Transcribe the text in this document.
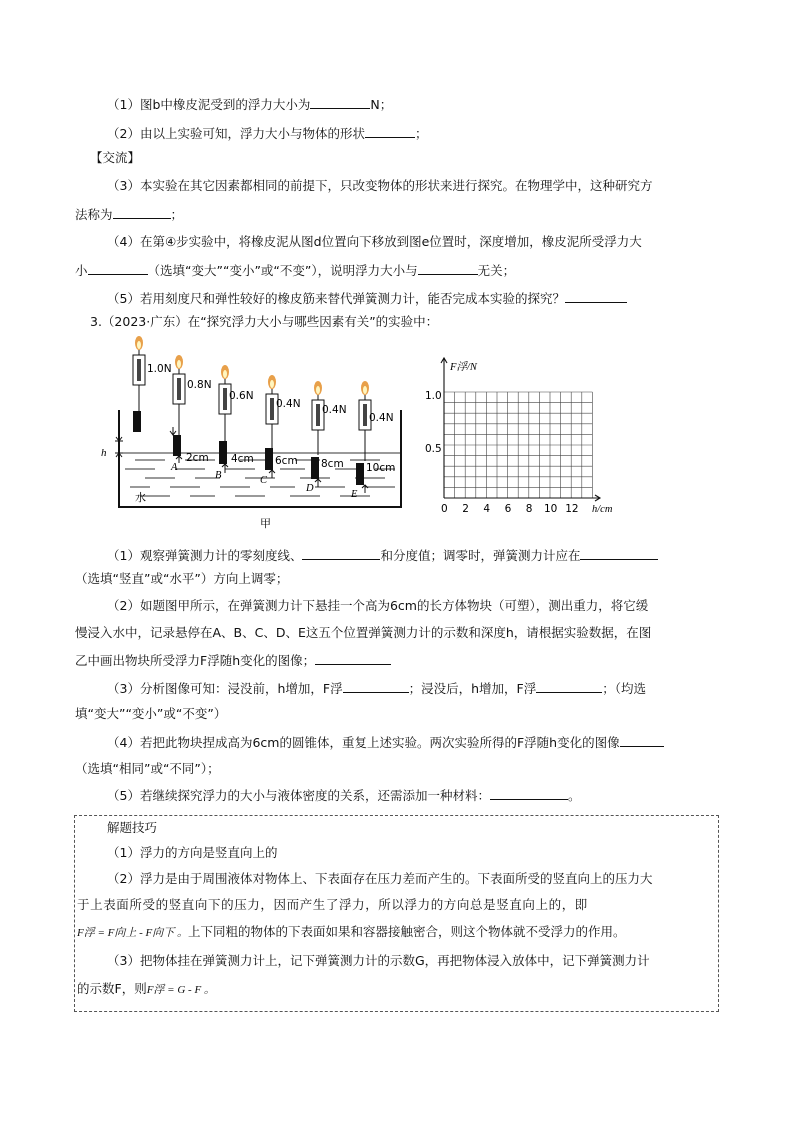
（1）图b中橡皮泥受到的浮力大小为	N；
（2）由以上实验可知，浮力大小与物体的形状	；
【交流】
（3）本实验在其它因素都相同的前提下，只改变物体的形状来进行探究。在物理学中，这种研究方
法称为	；
（4）在第④步实验中，将橡皮泥从图d位置向下移放到图e位置时，深度增加，橡皮泥所受浮力大
小	（选填“变大”“变小”或“不变”），说明浮力大小与	无关；
（5）若用刻度尺和弹性较好的橡皮筋来替代弹簧测力计，能否完成本实验的探究？
3.（2023·广东）在“探究浮力大小与哪些因素有关”的实验中：
h
水
1.0N
0.8N
A
2cm
0.6N
B
4cm
0.4N
C
6cm
0.4N
D
8cm
0.4N
E
10cm
甲
F浮/N
1.0
0.5
0 2 4 6 8 10 12 h/cm
（1）观察弹簧测力计的零刻度线、	和分度值；调零时，弹簧测力计应在
（选填“竖直”或“水平”）方向上调零；
（2）如题图甲所示，在弹簧测力计下悬挂一个高为6cm的长方体物块（可塑），测出重力，将它缓
慢浸入水中，记录悬停在A、B、C、D、E这五个位置弹簧测力计的示数和深度h，请根据实验数据，在图
乙中画出物块所受浮力F浮随h变化的图像；
（3）分析图像可知：浸没前，h增加，F浮	；浸没后，h增加，F浮	；（均选
填“变大”“变小”或“不变”）
（4）若把此物块捏成高为6cm的圆锥体，重复上述实验。两次实验所得的F浮随h变化的图像
（选填“相同”或“不同”）；
（5）若继续探究浮力的大小与液体密度的关系，还需添加一种材料：	。
解题技巧
（1）浮力的方向是竖直向上的
（2）浮力是由于周围液体对物体上、下表面存在压力差而产生的。下表面所受的竖直向上的压力大
于上表面所受的竖直向下的压力，因而产生了浮力，所以浮力的方向总是竖直向上的，即
F浮 = F向上 - F向下 。上下同粗的物体的下表面如果和容器接触密合，则这个物体就不受浮力的作用。
（3）把物体挂在弹簧测力计上，记下弹簧测力计的示数G，再把物体浸入放体中，记下弹簧测力计
的示数F，则F浮 = G - F 。
